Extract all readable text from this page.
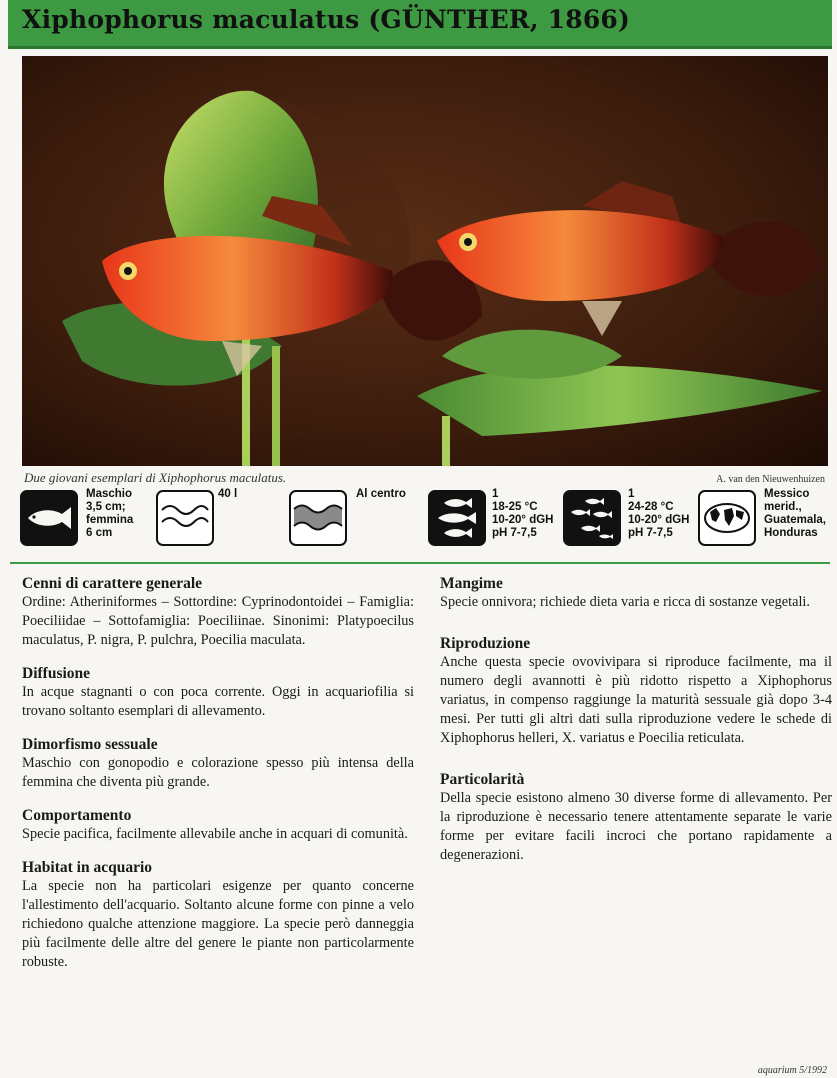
Xiphophorus maculatus (GÜNTHER, 1866)
Due giovani esemplari di Xiphophorus maculatus.	A. van den Nieuwenhuizen
Maschio
3,5 cm;
femmina
6 cm
40 l	Al centro	1
18-25 °C
10-20° dGH
pH 7-7,5
1
24-28 °C
10-20° dGH
pH 7-7,5
Messico
merid.,
Guatemala,
Honduras
Cenni di carattere generale

Ordine: Atheriniformes – Sottordine: Cyprinodontoidei – Famiglia: Poeciliidae – Sottofamiglia: Poeciliinae. Sinonimi: Platypoecilus maculatus, P. nigra, P. pulchra, Poecilia maculata.

Diffusione

In acque stagnanti o con poca corrente. Oggi in acquariofilia si trovano soltanto esemplari di allevamento.

Dimorfismo sessuale

Maschio con gonopodio e colorazione spesso più intensa della femmina che diventa più grande.

Comportamento

Specie pacifica, facilmente allevabile anche in acquari di comunità.

Habitat in acquario

La specie non ha particolari esigenze per quanto concerne l'allestimento dell'acquario. Soltanto alcune forme con pinne a velo richiedono qualche attenzione maggiore. La specie però danneggia più facilmente delle altre del genere le piante non particolarmente robuste.

Mangime

Specie onnivora; richiede dieta varia e ricca di sostanze vegetali.

Riproduzione

Anche questa specie ovovivipara si riproduce facilmente, ma il numero degli avannotti è più ridotto rispetto a Xiphophorus variatus, in compenso raggiunge la maturità sessuale già dopo 3-4 mesi. Per tutti gli altri dati sulla riproduzione vedere le schede di Xiphophorus helleri, X. variatus e Poecilia reticulata.

Particolarità

Della specie esistono almeno 30 diverse forme di allevamento. Per la riproduzione è necessario tenere attentamente separate le varie forme per evitare facili incroci che portano rapidamente a degenerazioni.

aquarium 5/1992
